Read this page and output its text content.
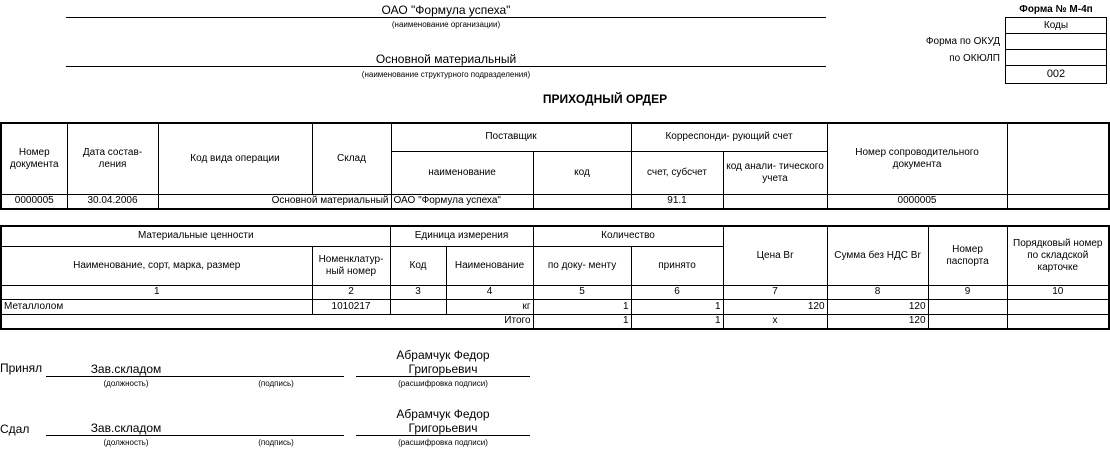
ОАО "Формула успеха"
(наименование организации)
Основной материальный
(наименование структурного подразделения)
Форма № М-4п
Коды
Форма по ОКУД
по ОКЮЛП
002
ПРИХОДНЫЙ ОРДЕР
Номер документа	Дата состав- ления	Код вида операции	Склад	Поставщик		Корреспонди- рующий счет		Номер сопроводительного документа	
				наименование	код	счет, субсчет	код анали- тического учета		
0000005	30.04.2006	Основной материальный		ОАО "Формула успеха"		91.1		0000005	
Материальные ценности		Единица измерения		Количество		Цена Br	Сумма без НДС Br	Номер паспорта	Порядковый номер по складской карточке
Наименование, сорт, марка, размер	Номенклатур- ный номер	Код	Наименование	по доку- менту	принято				
1	2	3	4	5	6	7	8	9	10
Металлолом	1010217		кг	1	1	120	120		
Итого				1	1	х	120		
Принял	Зав.складом
Абрамчук Федор
Григорьевич
(должность)	(подпись)	(расшифровка подписи)
Сдал	Зав.складом
Абрамчук Федор
Григорьевич
(должность)	(подпись)	(расшифровка подписи)
